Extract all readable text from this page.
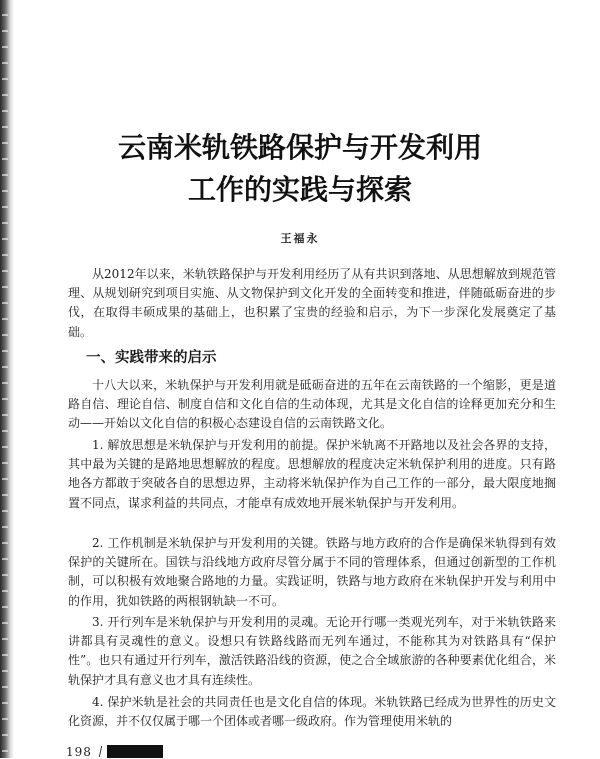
云南米轨铁路保护与开发利用
工作的实践与探索
王福永

从2012年以来，米轨铁路保护与开发利用经历了从有共识到落地、从思想解放到规范管理、从规划研究到项目实施、从文物保护到文化开发的全面转变和推进，伴随砥砺奋进的步伐，在取得丰硕成果的基础上，也积累了宝贵的经验和启示，为下一步深化发展奠定了基础。

一、实践带来的启示

十八大以来，米轨保护与开发利用就是砥砺奋进的五年在云南铁路的一个缩影，更是道路自信、理论自信、制度自信和文化自信的生动体现，尤其是文化自信的诠释更加充分和生动——开始以文化自信的积极心态建设自信的云南铁路文化。

1. 解放思想是米轨保护与开发利用的前提。保护米轨离不开路地以及社会各界的支持，其中最为关键的是路地思想解放的程度。思想解放的程度决定米轨保护利用的进度。只有路地各方都敢于突破各自的思想边界，主动将米轨保护作为自己工作的一部分，最大限度地搁置不同点，谋求利益的共同点，才能卓有成效地开展米轨保护与开发利用。

2. 工作机制是米轨保护与开发利用的关键。铁路与地方政府的合作是确保米轨得到有效保护的关键所在。国铁与沿线地方政府尽管分属于不同的管理体系，但通过创新型的工作机制，可以积极有效地聚合路地的力量。实践证明，铁路与地方政府在米轨保护开发与利用中的作用，犹如铁路的两根钢轨缺一不可。

3. 开行列车是米轨保护与开发利用的灵魂。无论开行哪一类观光列车，对于米轨铁路来讲都具有灵魂性的意义。设想只有铁路线路而无列车通过，不能称其为对铁路具有“保护性”。也只有通过开行列车，激活铁路沿线的资源，使之合全域旅游的各种要素优化组合，米轨保护才具有意义也才具有连续性。

4. 保护米轨是社会的共同责任也是文化自信的体现。米轨铁路已经成为世界性的历史文化资源，并不仅仅属于哪一个团体或者哪一级政府。作为管理使用米轨的

198
